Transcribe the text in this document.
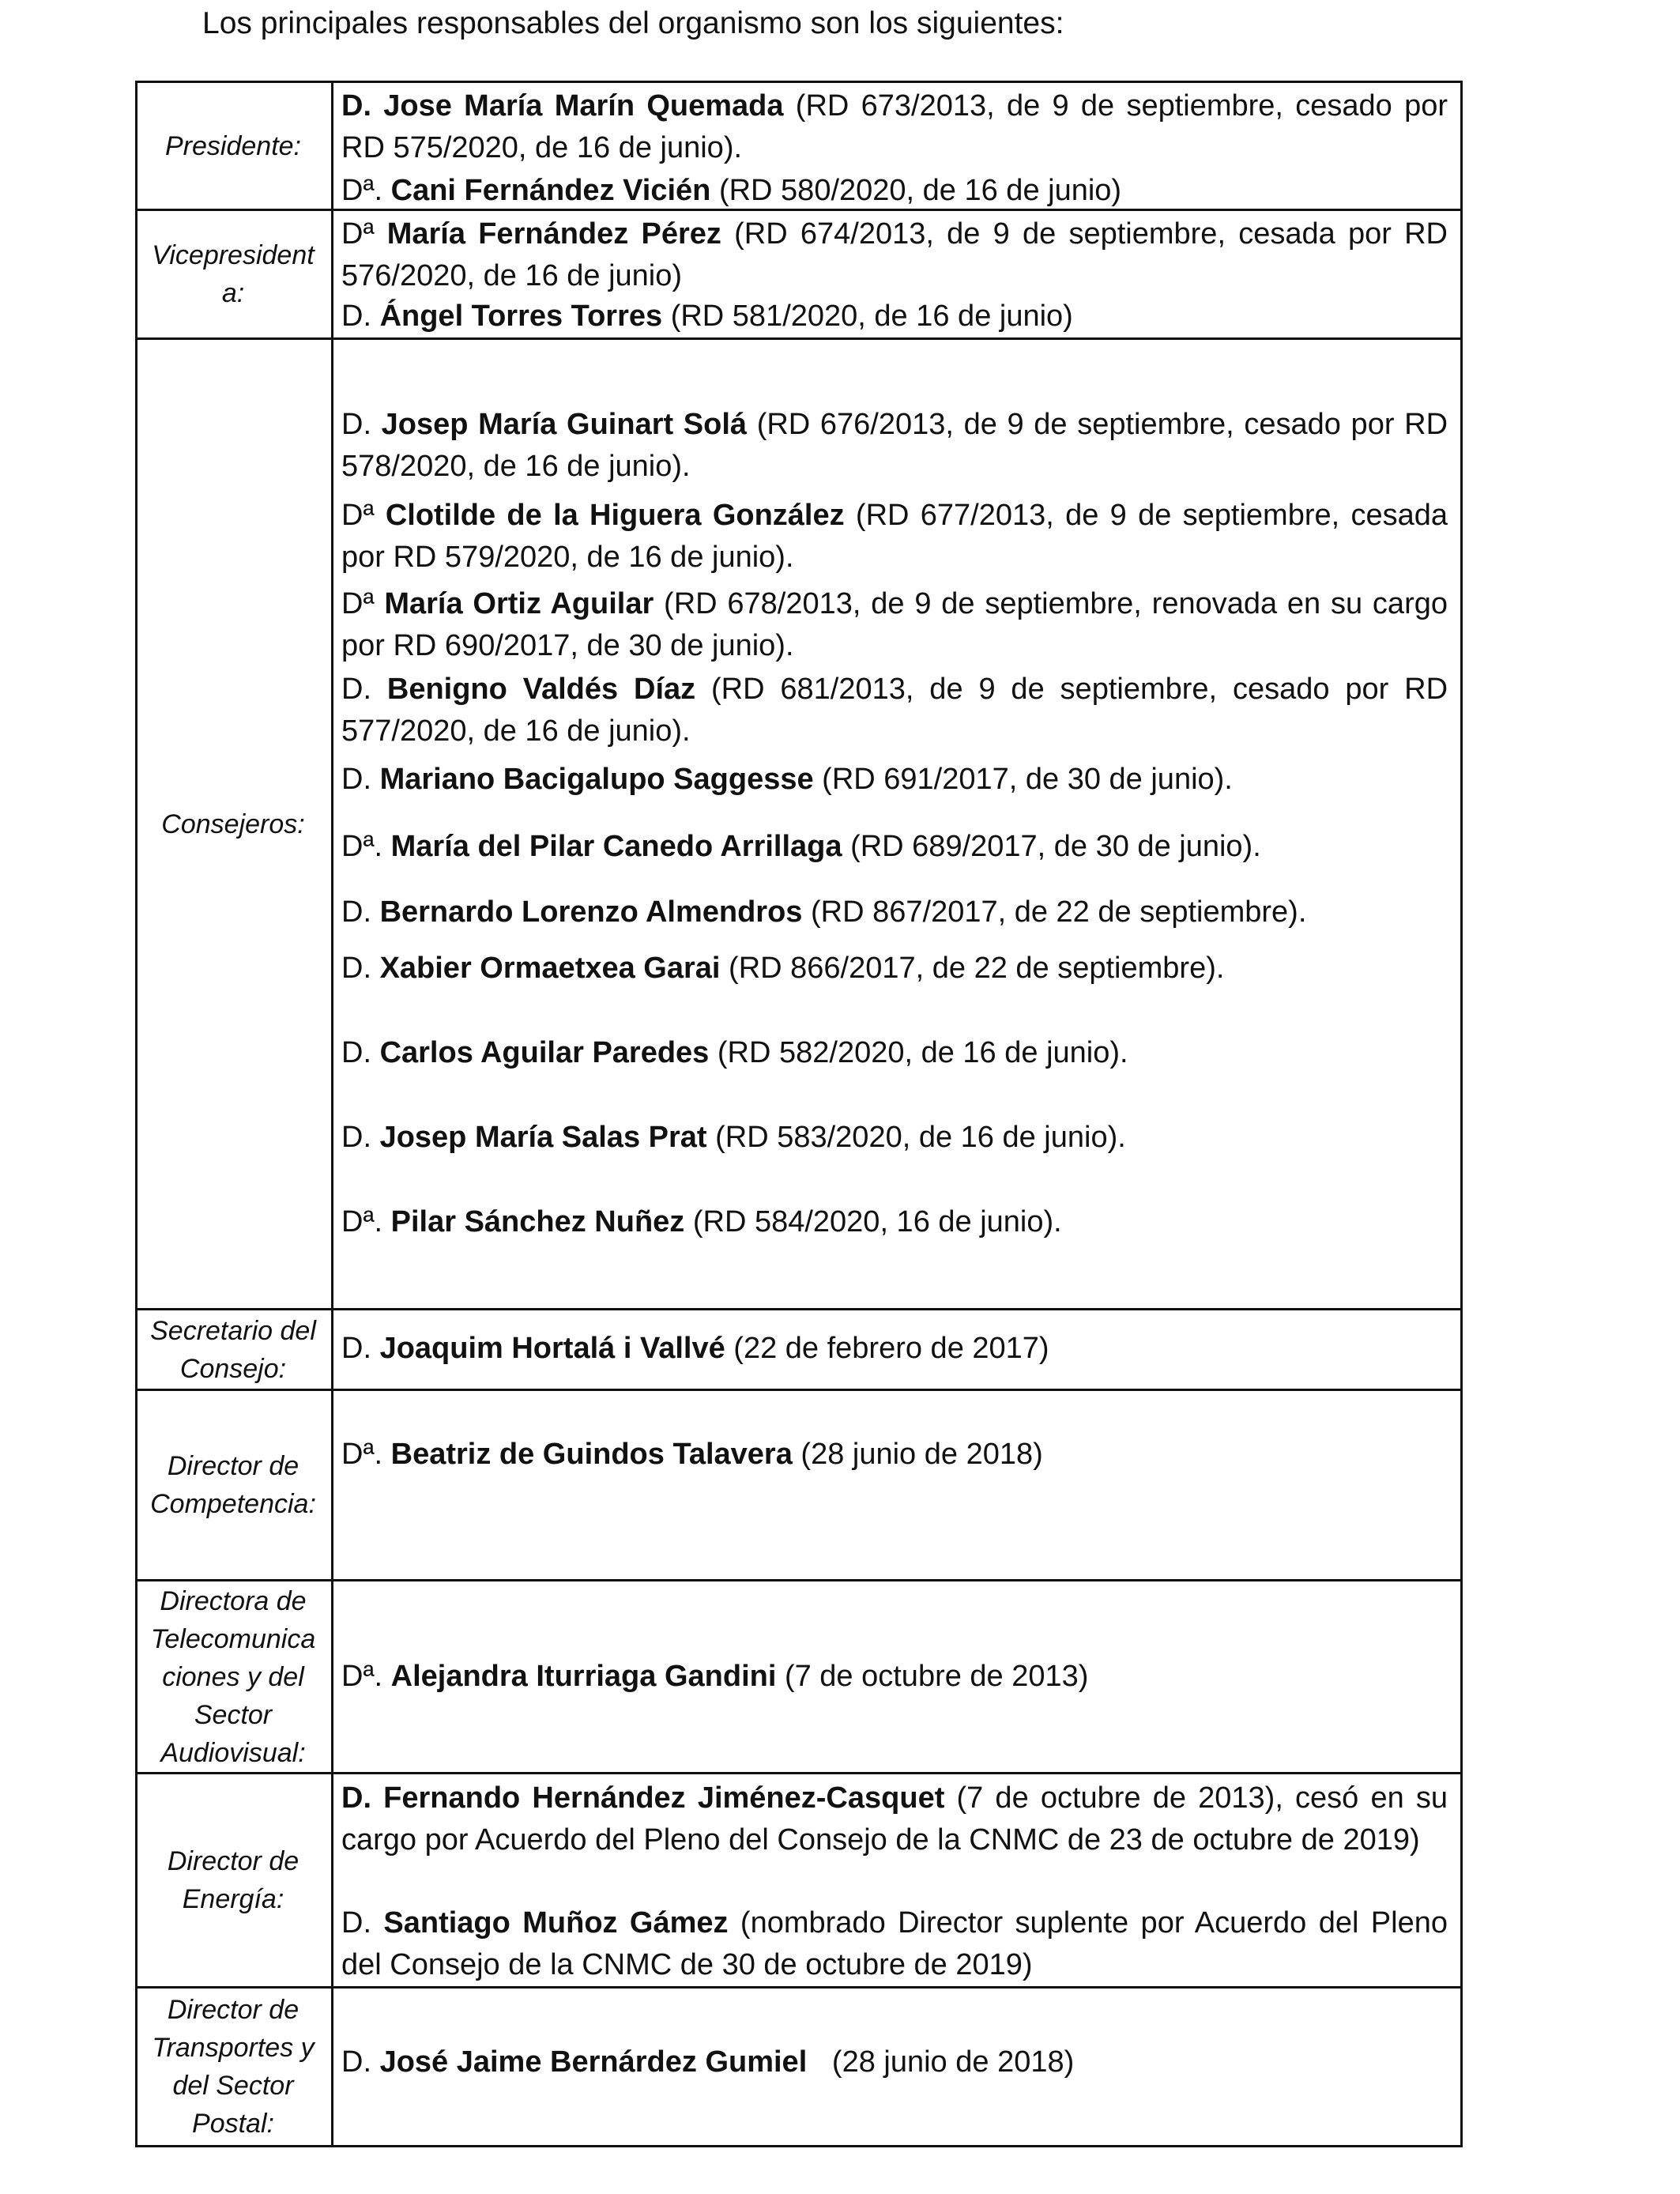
Los principales responsables del organismo son los siguientes:
Presidente:
D. Jose María Marín Quemada (RD 673/2013, de 9 de septiembre, cesado por RD 575/2020, de 16 de junio).
Dª. Cani Fernández Vicién (RD 580/2020, de 16 de junio)
Vicepresident
a:
Dª María Fernández Pérez (RD 674/2013, de 9 de septiembre, cesada por RD 576/2020, de 16 de junio)
D. Ángel Torres Torres (RD 581/2020, de 16 de junio)
Consejeros:
D. Josep María Guinart Solá (RD 676/2013, de 9 de septiembre, cesado por RD 578/2020, de 16 de junio).
Dª Clotilde de la Higuera González (RD 677/2013, de 9 de septiembre, cesada por RD 579/2020, de 16 de junio).
Dª María Ortiz Aguilar (RD 678/2013, de 9 de septiembre, renovada en su cargo por RD 690/2017, de 30 de junio).
D. Benigno Valdés Díaz (RD 681/2013, de 9 de septiembre, cesado por RD 577/2020, de 16 de junio).
D. Mariano Bacigalupo Saggesse (RD 691/2017, de 30 de junio).
Dª. María del Pilar Canedo Arrillaga (RD 689/2017, de 30 de junio).
D. Bernardo Lorenzo Almendros (RD 867/2017, de 22 de septiembre).
D. Xabier Ormaetxea Garai (RD 866/2017, de 22 de septiembre).
D. Carlos Aguilar Paredes (RD 582/2020, de 16 de junio).
D. Josep María Salas Prat (RD 583/2020, de 16 de junio).
Dª. Pilar Sánchez Nuñez (RD 584/2020, 16 de junio).
Secretario del
Consejo:
D. Joaquim Hortalá i Vallvé (22 de febrero de 2017)
Director de
Competencia:
Dª. Beatriz de Guindos Talavera (28 junio de 2018)
Directora de
Telecomunica
ciones y del
Sector
Audiovisual:
Dª. Alejandra Iturriaga Gandini (7 de octubre de 2013)
Director de
Energía:
D. Fernando Hernández Jiménez-Casquet (7 de octubre de 2013), cesó en su cargo por Acuerdo del Pleno del Consejo de la CNMC de 23 de octubre de 2019)
D. Santiago Muñoz Gámez (nombrado Director suplente por Acuerdo del Pleno del Consejo de la CNMC de 30 de octubre de 2019)
Director de
Transportes y
del Sector
Postal:
D. José Jaime Bernárdez Gumiel   (28 junio de 2018)
